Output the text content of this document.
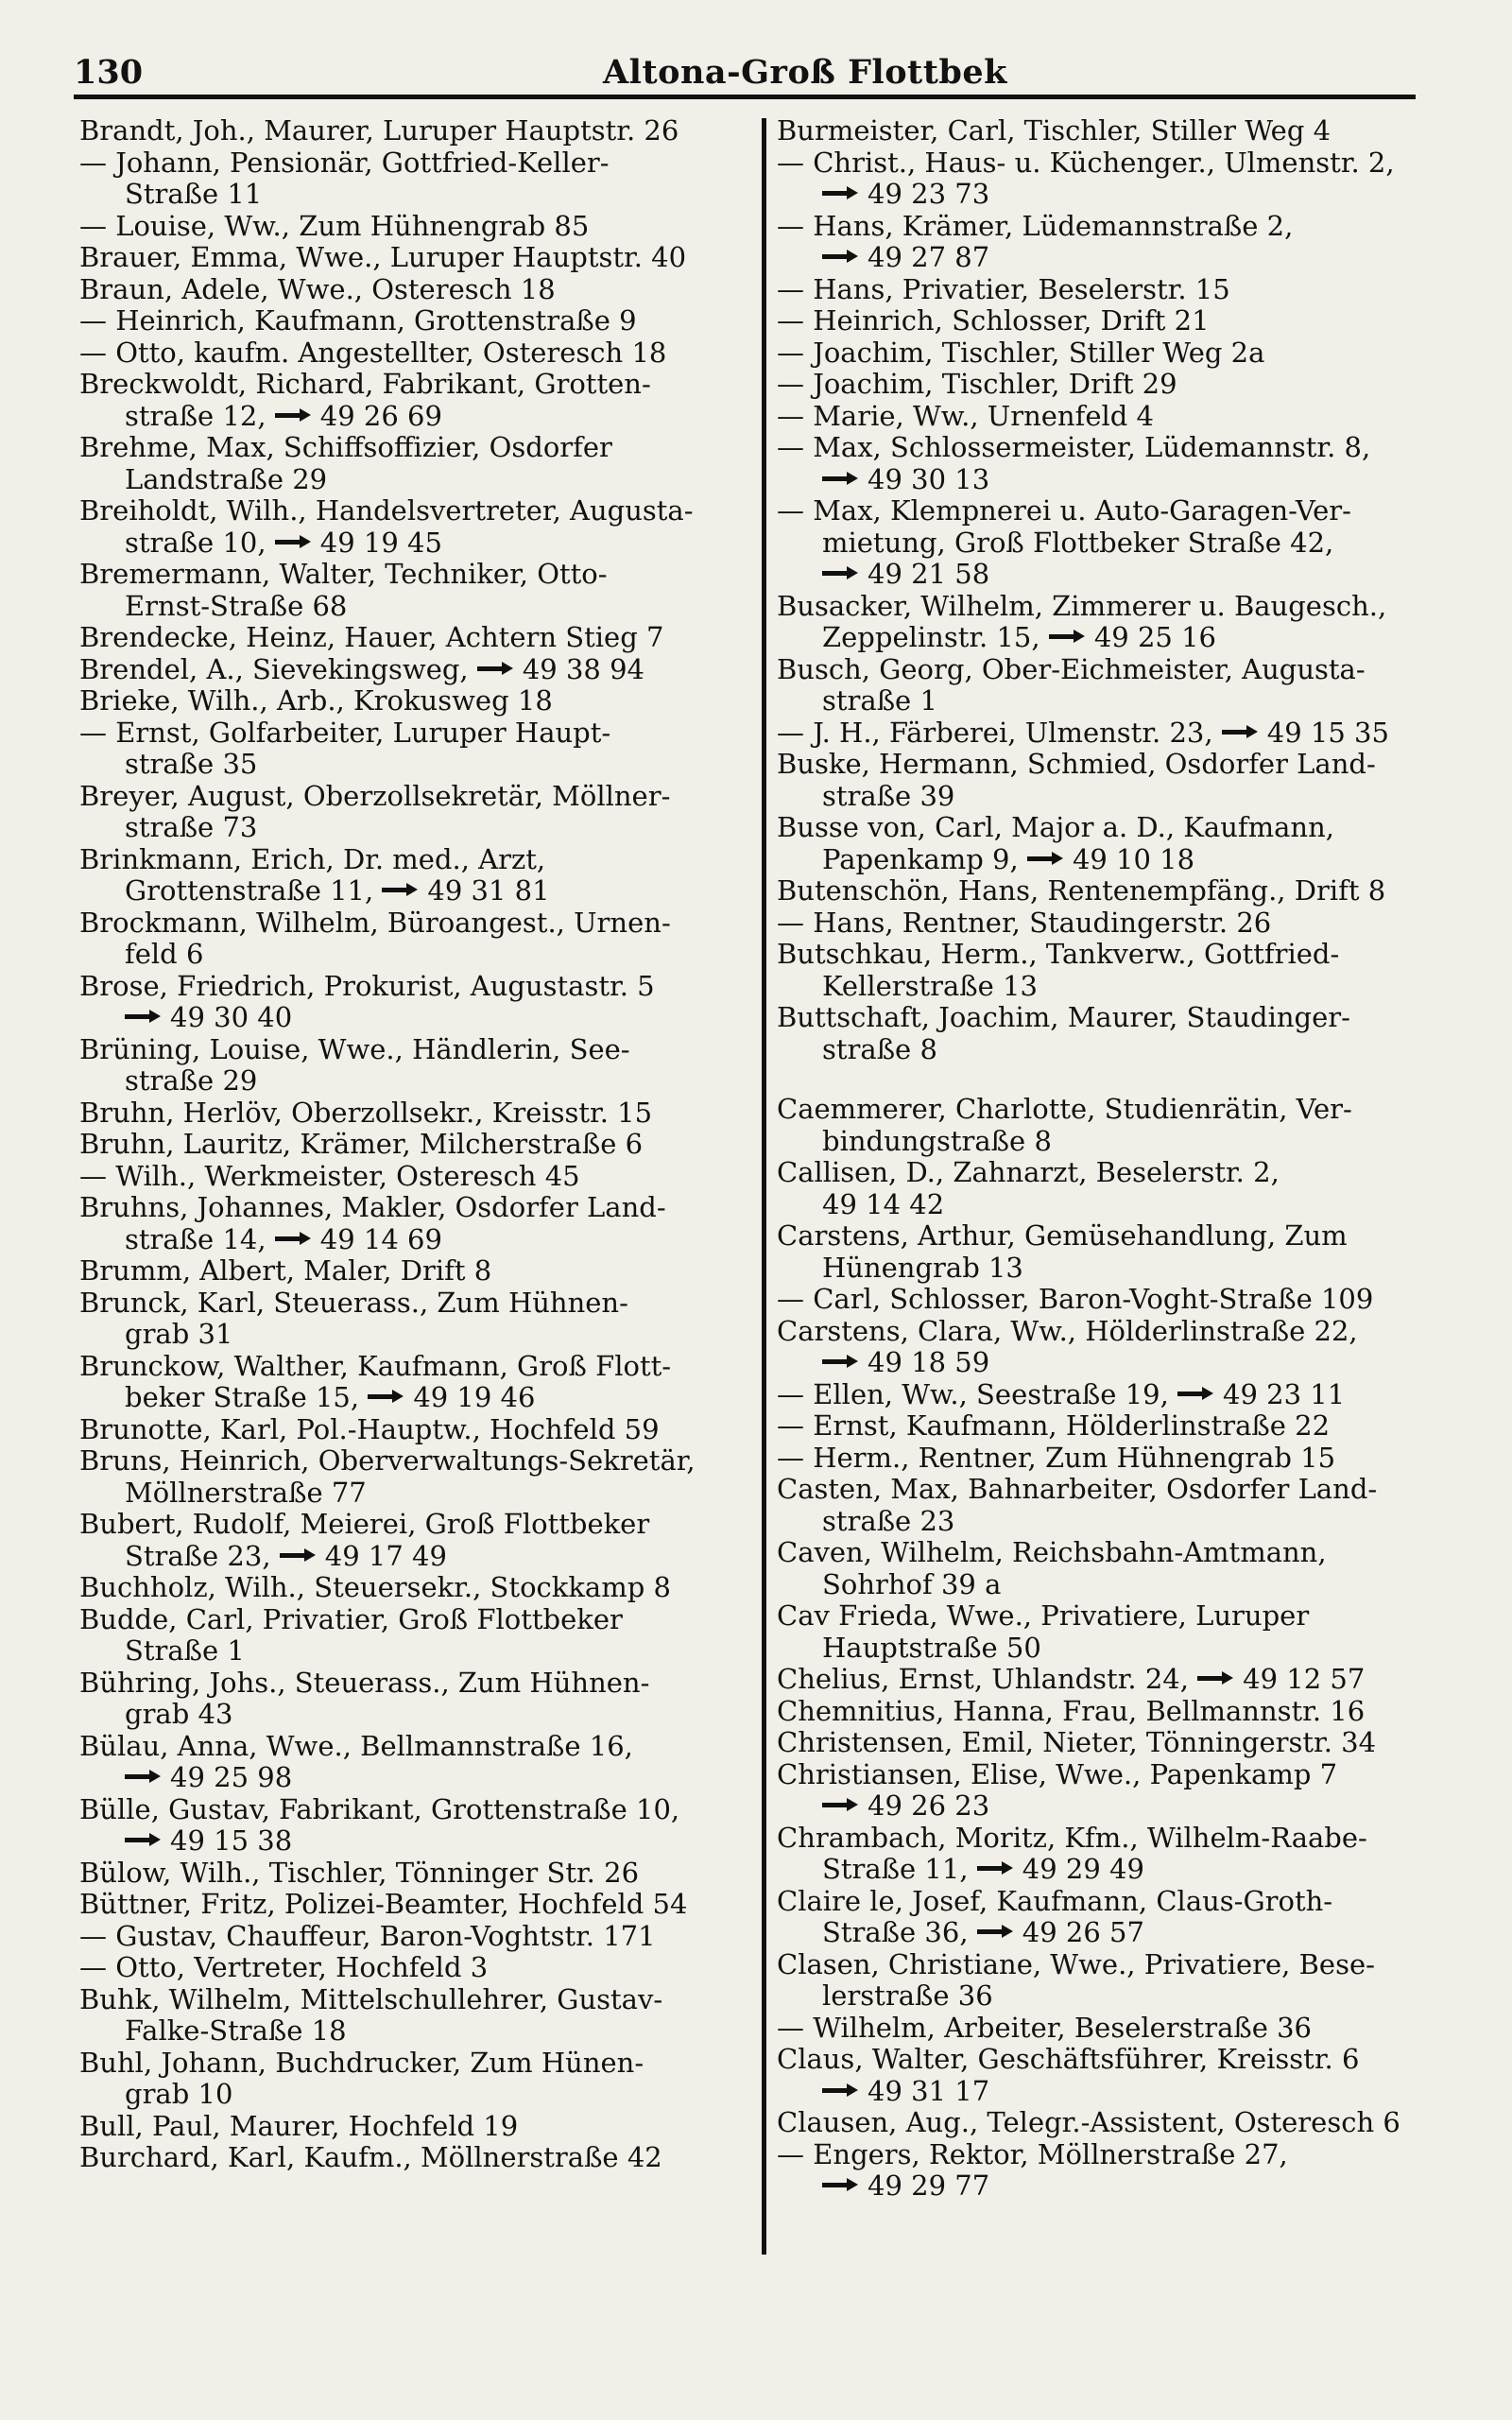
130	Altona-Groß Flottbek
Brandt, Joh., Maurer, Luruper Hauptstr. 26
— Johann, Pensionär, Gottfried-Keller-
Straße 11
— Louise, Ww., Zum Hühnengrab 85
Brauer, Emma, Wwe., Luruper Hauptstr. 40
Braun, Adele, Wwe., Osteresch 18
— Heinrich, Kaufmann, Grottenstraße 9
— Otto, kaufm. Angestellter, Osteresch 18
Breckwoldt, Richard, Fabrikant, Grotten-
straße 12, 49 26 69
Brehme, Max, Schiffsoffizier, Osdorfer
Landstraße 29
Breiholdt, Wilh., Handelsvertreter, Augusta-
straße 10, 49 19 45
Bremermann, Walter, Techniker, Otto-
Ernst-Straße 68
Brendecke, Heinz, Hauer, Achtern Stieg 7
Brendel, A., Sievekingsweg, 49 38 94
Brieke, Wilh., Arb., Krokusweg 18
— Ernst, Golfarbeiter, Luruper Haupt-
straße 35
Breyer, August, Oberzollsekretär, Möllner-
straße 73
Brinkmann, Erich, Dr. med., Arzt,
Grottenstraße 11, 49 31 81
Brockmann, Wilhelm, Büroangest., Urnen-
feld 6
Brose, Friedrich, Prokurist, Augustastr. 5
49 30 40
Brüning, Louise, Wwe., Händlerin, See-
straße 29
Bruhn, Herlöv, Oberzollsekr., Kreisstr. 15
Bruhn, Lauritz, Krämer, Milcherstraße 6
— Wilh., Werkmeister, Osteresch 45
Bruhns, Johannes, Makler, Osdorfer Land-
straße 14, 49 14 69
Brumm, Albert, Maler, Drift 8
Brunck, Karl, Steuerass., Zum Hühnen-
grab 31
Brunckow, Walther, Kaufmann, Groß Flott-
beker Straße 15, 49 19 46
Brunotte, Karl, Pol.-Hauptw., Hochfeld 59
Bruns, Heinrich, Oberverwaltungs-Sekretär,
Möllnerstraße 77
Bubert, Rudolf, Meierei, Groß Flottbeker
Straße 23, 49 17 49
Buchholz, Wilh., Steuersekr., Stockkamp 8
Budde, Carl, Privatier, Groß Flottbeker
Straße 1
Bühring, Johs., Steuerass., Zum Hühnen-
grab 43
Bülau, Anna, Wwe., Bellmannstraße 16,
49 25 98
Bülle, Gustav, Fabrikant, Grottenstraße 10,
49 15 38
Bülow, Wilh., Tischler, Tönninger Str. 26
Büttner, Fritz, Polizei-Beamter, Hochfeld 54
— Gustav, Chauffeur, Baron-Voghtstr. 171
— Otto, Vertreter, Hochfeld 3
Buhk, Wilhelm, Mittelschullehrer, Gustav-
Falke-Straße 18
Buhl, Johann, Buchdrucker, Zum Hünen-
grab 10
Bull, Paul, Maurer, Hochfeld 19
Burchard, Karl, Kaufm., Möllnerstraße 42
Burmeister, Carl, Tischler, Stiller Weg 4
— Christ., Haus- u. Küchenger., Ulmenstr. 2,
49 23 73
— Hans, Krämer, Lüdemannstraße 2,
49 27 87
— Hans, Privatier, Beselerstr. 15
— Heinrich, Schlosser, Drift 21
— Joachim, Tischler, Stiller Weg 2a
— Joachim, Tischler, Drift 29
— Marie, Ww., Urnenfeld 4
— Max, Schlossermeister, Lüdemannstr. 8,
49 30 13
— Max, Klempnerei u. Auto-Garagen-Ver-
mietung, Groß Flottbeker Straße 42,
49 21 58
Busacker, Wilhelm, Zimmerer u. Baugesch.,
Zeppelinstr. 15, 49 25 16
Busch, Georg, Ober-Eichmeister, Augusta-
straße 1
— J. H., Färberei, Ulmenstr. 23, 49 15 35
Buske, Hermann, Schmied, Osdorfer Land-
straße 39
Busse von, Carl, Major a. D., Kaufmann,
Papenkamp 9, 49 10 18
Butenschön, Hans, Rentenempfäng., Drift 8
— Hans, Rentner, Staudingerstr. 26
Butschkau, Herm., Tankverw., Gottfried-
Kellerstraße 13
Buttschaft, Joachim, Maurer, Staudinger-
straße 8
Caemmerer, Charlotte, Studienrätin, Ver-
bindungstraße 8
Callisen, D., Zahnarzt, Beselerstr. 2,
49 14 42
Carstens, Arthur, Gemüsehandlung, Zum
Hünengrab 13
— Carl, Schlosser, Baron-Voght-Straße 109
Carstens, Clara, Ww., Hölderlinstraße 22,
49 18 59
— Ellen, Ww., Seestraße 19, 49 23 11
— Ernst, Kaufmann, Hölderlinstraße 22
— Herm., Rentner, Zum Hühnengrab 15
Casten, Max, Bahnarbeiter, Osdorfer Land-
straße 23
Caven, Wilhelm, Reichsbahn-Amtmann,
Sohrhof 39 a
Cav Frieda, Wwe., Privatiere, Luruper
Hauptstraße 50
Chelius, Ernst, Uhlandstr. 24, 49 12 57
Chemnitius, Hanna, Frau, Bellmannstr. 16
Christensen, Emil, Nieter, Tönningerstr. 34
Christiansen, Elise, Wwe., Papenkamp 7
49 26 23
Chrambach, Moritz, Kfm., Wilhelm-Raabe-
Straße 11, 49 29 49
Claire le, Josef, Kaufmann, Claus-Groth-
Straße 36, 49 26 57
Clasen, Christiane, Wwe., Privatiere, Bese-
lerstraße 36
— Wilhelm, Arbeiter, Beselerstraße 36
Claus, Walter, Geschäftsführer, Kreisstr. 6
49 31 17
Clausen, Aug., Telegr.-Assistent, Osteresch 6
— Engers, Rektor, Möllnerstraße 27,
49 29 77
